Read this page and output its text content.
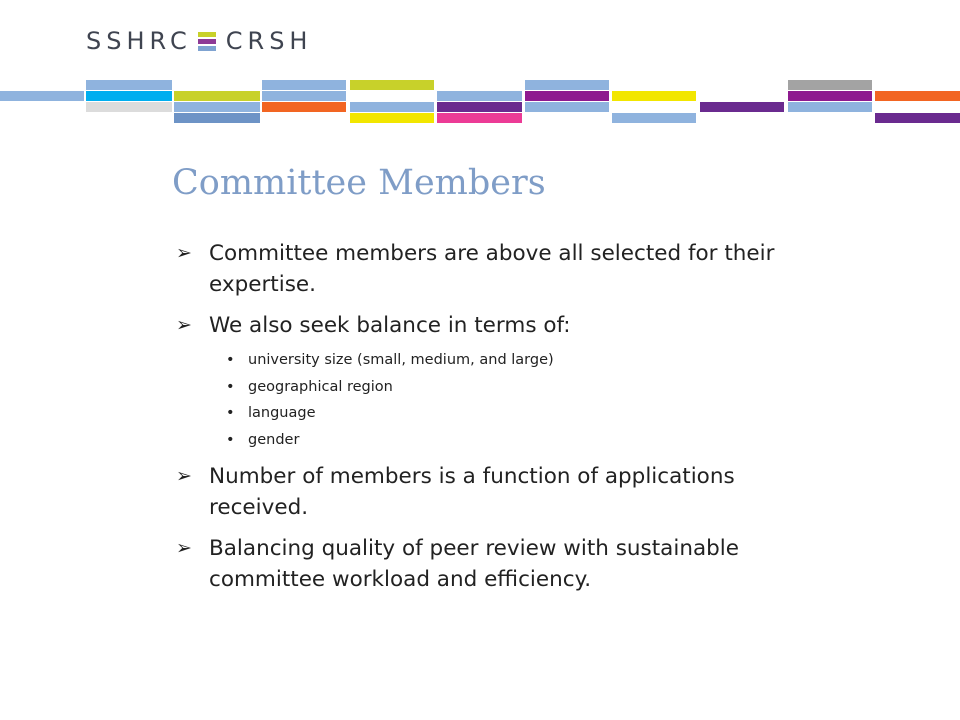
SSHRC CRSH
Committee Members
➢ Committee members are above all selected for their expertise.
➢ We also seek balance in terms of:
• university size (small, medium, and large)
• geographical region
• language
• gender
➢ Number of members is a function of applications received.
➢ Balancing quality of peer review with sustainable committee workload and efficiency.
